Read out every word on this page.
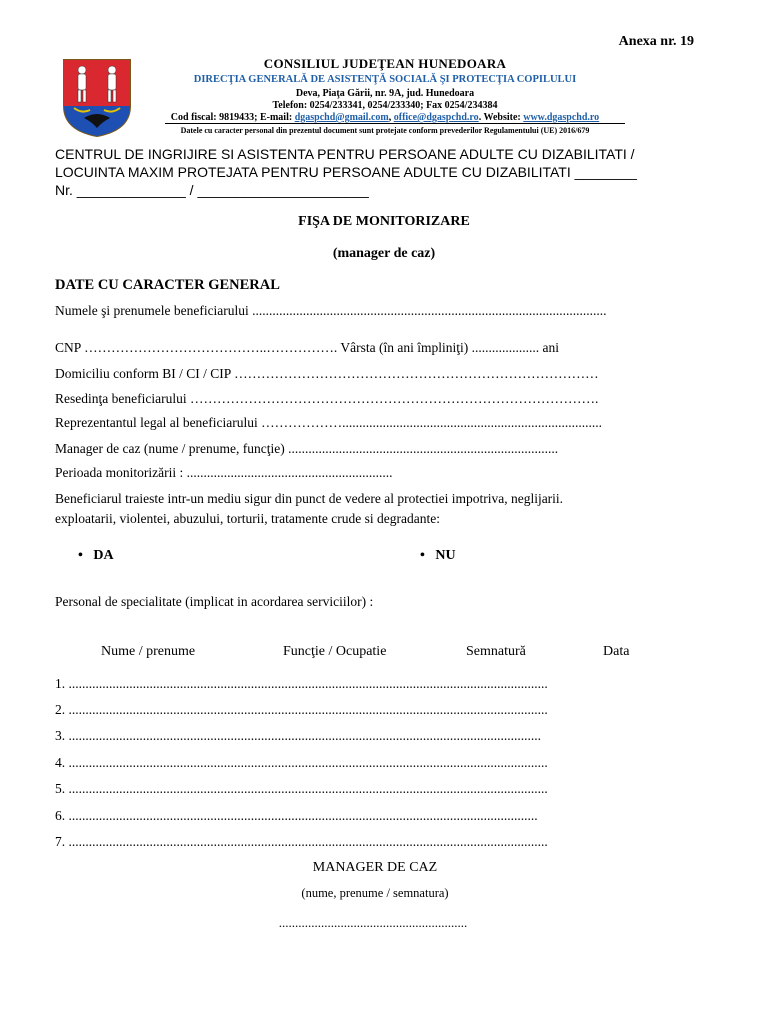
Anexa nr. 19
CONSILIUL JUDEŢEAN HUNEDOARA
DIRECŢIA GENERALĂ DE ASISTENŢĂ SOCIALĂ ŞI PROTECŢIA COPILULUI
Deva, Piaţa Gării, nr. 9A, jud. Hunedoara
Telefon: 0254/233341, 0254/233340; Fax 0254/234384
Cod fiscal: 9819433; E-mail: dgaspchd@gmail.com, office@dgaspchd.ro. Website: www.dgaspchd.ro
Datele cu caracter personal din prezentul document sunt protejate conform prevederilor Regulamentului (UE) 2016/679
CENTRUL DE INGRIJIRE SI ASISTENTA PENTRU PERSOANE ADULTE CU DIZABILITATI /
LOCUINTA MAXIM PROTEJATA PENTRU PERSOANE ADULTE CU DIZABILITATI ________
Nr. ______________ / ______________________
FIŞA DE MONITORIZARE
(manager de caz)
DATE CU CARACTER GENERAL
Numele şi prenumele beneficiarului .........................................................................................................
CNP …………………………………..……………. Vârsta (în ani împliniţi) .................... ani
Domiciliu conform BI / CI / CIP ………………………………………………………………………
Resedinţa beneficiarului ……………………………………………………………………………….
Reprezentantul legal al beneficiarului ……………….............................................................................
Manager de caz (nume / prenume, funcţie) ................................................................................
Perioada monitorizării : .............................................................
Beneficiarul traieste intr-un mediu sigur din punct de vedere al protectiei impotriva, neglijarii.
exploatarii, violentei, abuzului, torturii, tratamente crude si degradante:
• DA	• NU
Personal de specialitate (implicat in acordarea serviciilor) :
Nume / prenume	Funcţie / Ocupatie	Semnatură	Data
1. ..............................................................................................................................................
2. ..............................................................................................................................................
3. ............................................................................................................................................
4. ..............................................................................................................................................
5. ..............................................................................................................................................
6. ...........................................................................................................................................
7. ..............................................................................................................................................
MANAGER DE CAZ
(nume, prenume / semnatura)
..........................................................
